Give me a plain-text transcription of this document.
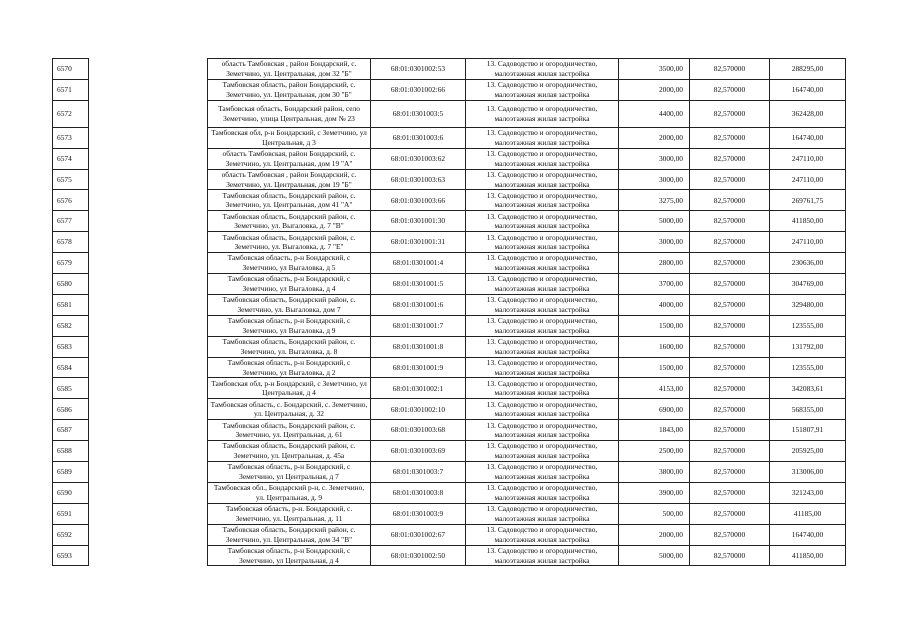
6570		область Тамбовская , район Бондарский, с. Земетчино, ул. Центральная, дом 32 "Б"	68:01:0301002:53	13. Садоводство и огородничество, малоэтажная жилая застройка	3500,00	82,570000	288295,00
6571		Тамбовская область, район Бондарский, с. Земетчино, ул. Центральная, дом 30 "Б"	68:01:0301002:66	13. Садоводство и огородничество, малоэтажная жилая застройка	2000,00	82,570000	164740,00
6572		Тамбовская область, Бондарский район, село Земетчино, улица Центральная, дом № 23	68:01:0301003:5	13. Садоводство и огородничество, малоэтажная жилая застройка	4400,00	82,570000	362428,00
6573		Тамбовская обл, р-н Бондарский, с Земетчино, ул Центральная, д 3	68:01:0301003:6	13. Садоводство и огородничество, малоэтажная жилая застройка	2000,00	82,570000	164740,00
6574		область Тамбовская, район Бондарский, с. Земетчино, ул. Центральная, дом 19 "А"	68:01:0301003:62	13. Садоводство и огородничество, малоэтажная жилая застройка	3000,00	82,570000	247110,00
6575		область Тамбовская , район Бондарский, с. Земетчино, ул. Центральная, дом 19 "Б"	68:01:0301003:63	13. Садоводство и огородничество, малоэтажная жилая застройка	3000,00	82,570000	247110,00
6576		Тамбовская область, Бондарский район, с. Земетчино, ул. Центральная, дом 41 "А"	68:01:0301003:66	13. Садоводство и огородничество, малоэтажная жилая застройка	3275,00	82,570000	269761,75
6577		Тамбовская область, Бондарский район, с. Земетчино, ул. Выгаловка, д. 7 "В"	68:01:0301001:30	13. Садоводство и огородничество, малоэтажная жилая застройка	5000,00	82,570000	411850,00
6578		Тамбовская область, Бондарский район, с. Земетчино, ул. Выгаловка, д. 7 "Е"	68:01:0301001:31	13. Садоводство и огородничество, малоэтажная жилая застройка	3000,00	82,570000	247110,00
6579		Тамбовская область, р-н Бондарский, с Земетчино, ул Выгаловка, д 5	68:01:0301001:4	13. Садоводство и огородничество, малоэтажная жилая застройка	2800,00	82,570000	230636,00
6580		Тамбовская область, р-н Бондарский, с Земетчино, ул Выгаловка, д 4	68:01:0301001:5	13. Садоводство и огородничество, малоэтажная жилая застройка	3700,00	82,570000	304769,00
6581		Тамбовская область, Бондарский район, с. Земетчино, ул. Выгаловка, дом 7	68:01:0301001:6	13. Садоводство и огородничество, малоэтажная жилая застройка	4000,00	82,570000	329480,00
6582		Тамбовская область, р-н Бондарский, с Земетчино, ул Выгаловка, д 9	68:01:0301001:7	13. Садоводство и огородничество, малоэтажная жилая застройка	1500,00	82,570000	123555,00
6583		Тамбовская область, Бондарский район, с. Земетчино, ул. Выгаловка, д. 8	68:01:0301001:8	13. Садоводство и огородничество, малоэтажная жилая застройка	1600,00	82,570000	131792,00
6584		Тамбовская область, р-н Бондарский, с Земетчино, ул Выгаловка, д 2	68:01:0301001:9	13. Садоводство и огородничество, малоэтажная жилая застройка	1500,00	82,570000	123555,00
6585		Тамбовская обл, р-н Бондарский, с Земетчино, ул Центральная, д 4	68:01:0301002:1	13. Садоводство и огородничество, малоэтажная жилая застройка	4153,00	82,570000	342083,61
6586		Тамбовская область, с. Бондарский, с. Земетчино, ул. Центральная, д. 32	68:01:0301002:10	13. Садоводство и огородничество, малоэтажная жилая застройка	6900,00	82,570000	568355,00
6587		Тамбовская область, Бондарский район, с. Земетчино, ул. Центральная, д. 61	68:01:0301003:68	13. Садоводство и огородничество, малоэтажная жилая застройка	1843,00	82,570000	151807,91
6588		Тамбовская область, Бондарский район, с. Земетчино, ул. Центральная, д. 45а	68:01:0301003:69	13. Садоводство и огородничество, малоэтажная жилая застройка	2500,00	82,570000	205925,00
6589		Тамбовская область, р-н Бондарский, с Земетчино, ул Центральная, д 7	68:01:0301003:7	13. Садоводство и огородничество, малоэтажная жилая застройка	3800,00	82,570000	313006,00
6590		Тамбовская обл., Бондарский р-н, с. Земетчино, ул. Центральная, д. 9	68:01:0301003:8	13. Садоводство и огородничество, малоэтажная жилая застройка	3900,00	82,570000	321243,00
6591		Тамбовская область, р-н. Бондарский, с. Земетчино, ул. Центральная, д. 11	68:01:0301003:9	13. Садоводство и огородничество, малоэтажная жилая застройка	500,00	82,570000	41185,00
6592		Тамбовская область, Бондарский район, с. Земетчино, ул. Центральная, дом 34 "В"	68:01:0301002:67	13. Садоводство и огородничество, малоэтажная жилая застройка	2000,00	82,570000	164740,00
6593		Тамбовская область, р-н Бондарский, с Земетчино, ул Центральная, д 4	68:01:0301002:50	13. Садоводство и огородничество, малоэтажная жилая застройка	5000,00	82,570000	411850,00
